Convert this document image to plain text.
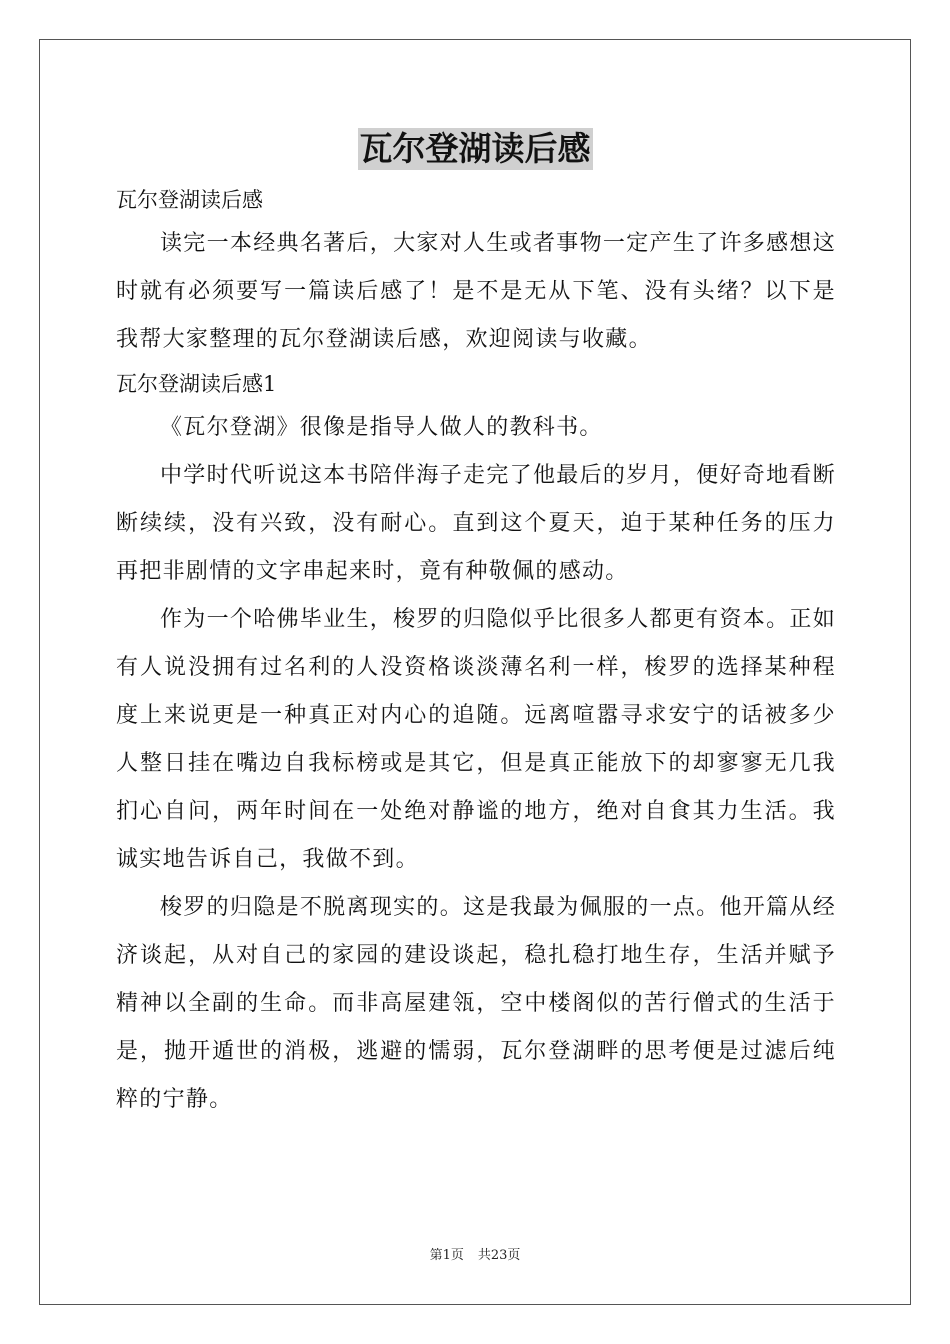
瓦尔登湖读后感

瓦尔登湖读后感

读完一本经典名著后，大家对人生或者事物一定产生了许多感想这时就有必须要写一篇读后感了！是不是无从下笔、没有头绪？以下是我帮大家整理的瓦尔登湖读后感，欢迎阅读与收藏。

瓦尔登湖读后感1

《瓦尔登湖》很像是指导人做人的教科书。

中学时代听说这本书陪伴海子走完了他最后的岁月，便好奇地看断断续续，没有兴致，没有耐心。直到这个夏天，迫于某种任务的压力再把非剧情的文字串起来时，竟有种敬佩的感动。

作为一个哈佛毕业生，梭罗的归隐似乎比很多人都更有资本。正如有人说没拥有过名利的人没资格谈淡薄名利一样，梭罗的选择某种程度上来说更是一种真正对内心的追随。远离喧嚣寻求安宁的话被多少人整日挂在嘴边自我标榜或是其它，但是真正能放下的却寥寥无几我扪心自问，两年时间在一处绝对静谧的地方，绝对自食其力生活。我诚实地告诉自己，我做不到。

梭罗的归隐是不脱离现实的。这是我最为佩服的一点。他开篇从经济谈起，从对自己的家园的建设谈起，稳扎稳打地生存，生活并赋予精神以全副的生命。而非高屋建瓴，空中楼阁似的苦行僧式的生活于是，抛开遁世的消极，逃避的懦弱，瓦尔登湖畔的思考便是过滤后纯粹的宁静。

第1页 共23页
